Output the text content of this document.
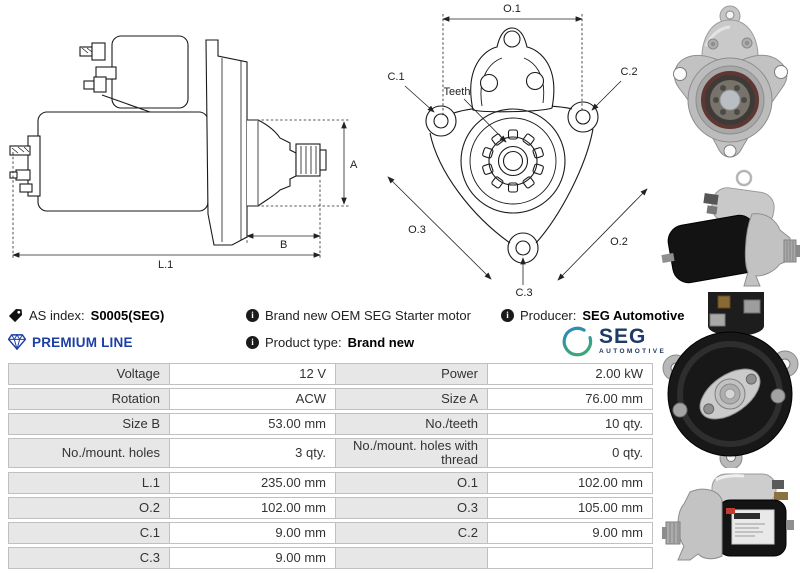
A
B
L.1
O.1
C.1	C.2
Teeth
O.3
O.2
C.3
AS index: S0005(SEG)	i Brand new OEM SEG Starter motor	i Producer: SEG Automotive
PREMIUM LINE	i Product type: Brand new	SEG
AUTOMOTIVE
Voltage	12 V	Power	2.00 kW
Rotation	ACW	Size A	76.00 mm
Size B	53.00 mm	No./teeth	10 qty.
No./mount. holes	3 qty.	No./mount. holes with thread	0 qty.
L.1	235.00 mm	O.1	102.00 mm
O.2	102.00 mm	O.3	105.00 mm
C.1	9.00 mm	C.2	9.00 mm
C.3	9.00 mm
